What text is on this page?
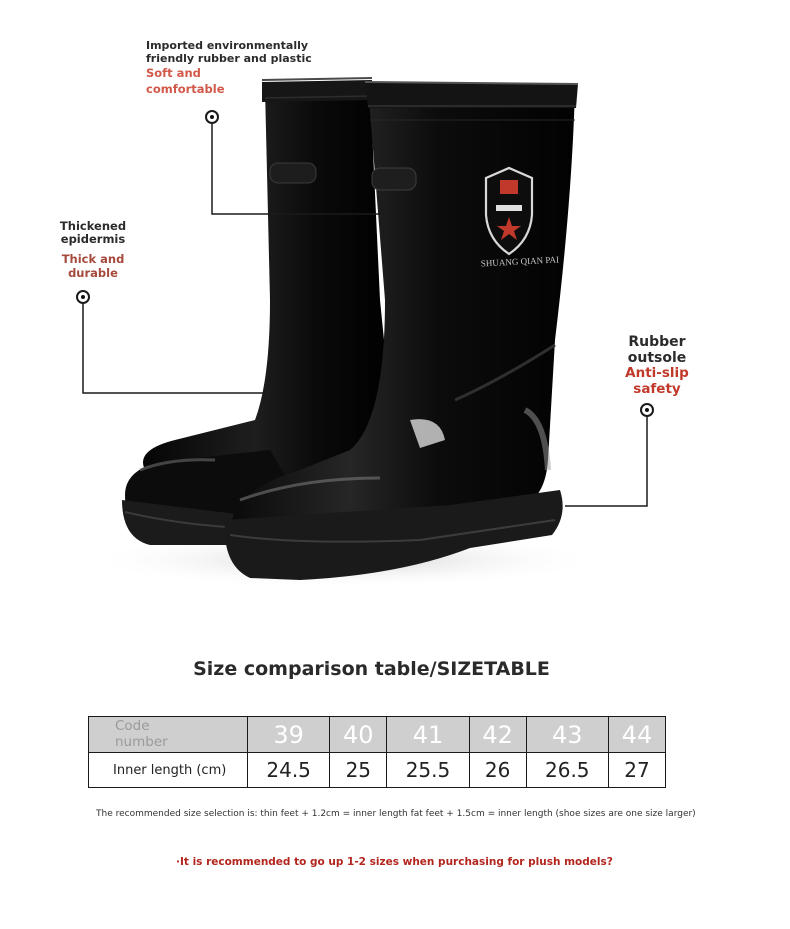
SHUANG QIAN PAI
Imported environmentally
friendly rubber and plastic
Soft and
comfortable
Thickened
epidermis
Thick and durable
Rubber
outsole
Anti-slip
safety
Size comparison table/SIZETABLE
Code
number	39	40	41	42	43	44
Inner length (cm)	24.5	25	25.5	26	26.5	27
The recommended size selection is: thin feet + 1.2cm = inner length fat feet + 1.5cm = inner length (shoe sizes are one size larger)
·It is recommended to go up 1-2 sizes when purchasing for plush models?
